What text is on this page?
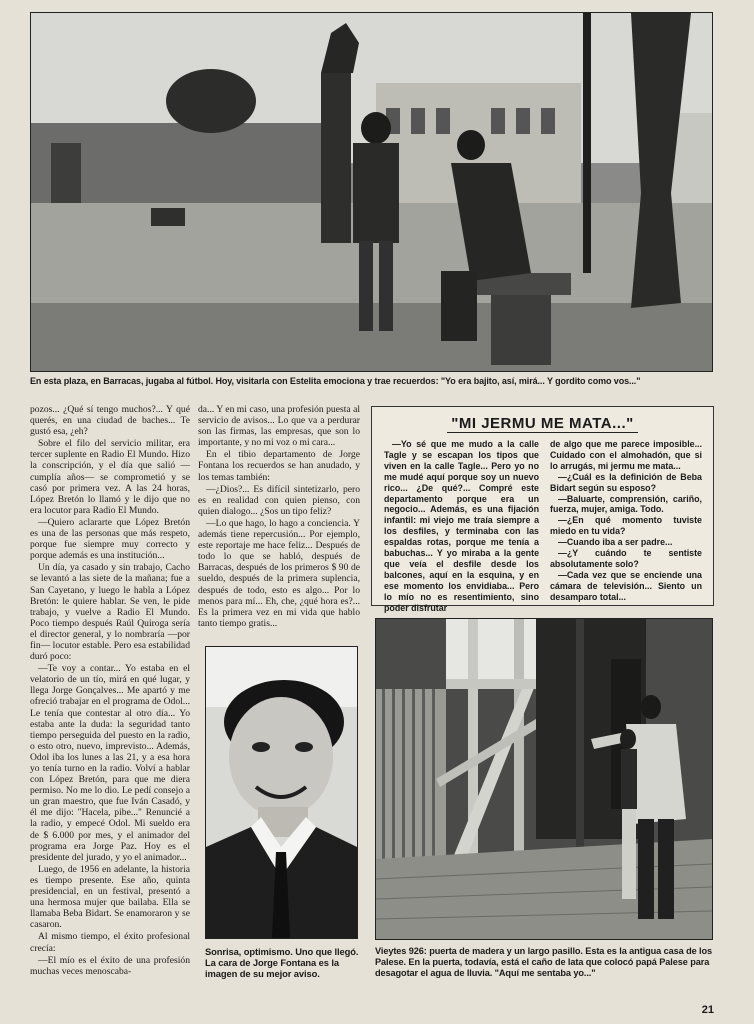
En esta plaza, en Barracas, jugaba al fútbol. Hoy, visitarla con Estelita emociona y trae recuerdos: "Yo era bajito, así, mirá... Y gordito como vos..."

pozos... ¿Qué sí tengo muchos?... Y qué querés, en una ciudad de baches... Te gustó esa, ¿eh?

Sobre el filo del servicio militar, era tercer suplente en Radio El Mundo. Hizo la conscripción, y el día que salió —cumplía años— se comprometió y se casó por primera vez. A las 24 horas, López Bretón lo llamó y le dijo que no era locutor para Radio El Mundo.

—Quiero aclararte que López Bretón es una de las personas que más respeto, porque fue siempre muy correcto y porque además es una institución...

Un día, ya casado y sin trabajo, Cacho se levantó a las siete de la mañana; fue a San Cayetano, y luego le habla a López Bretón: le quiere hablar. Se ven, le pide trabajo, y vuelve a Radio El Mundo. Poco tiempo después Raúl Quiroga sería el director general, y lo nombraría —por fin— locutor estable. Pero esa estabilidad duró poco:

—Te voy a contar... Yo estaba en el velatorio de un tío, mirá en qué lugar, y llega Jorge Gonçalves... Me apartó y me ofreció trabajar en el programa de Odol... Le tenía que contestar al otro día... Yo estaba ante la duda: la seguridad tanto tiempo perseguida del puesto en la radio, o esto otro, nuevo, imprevisto... Además, Odol iba los lunes a las 21, y a esa hora yo tenía turno en la radio. Volví a hablar con López Bretón, para que me diera permiso. No me lo dio. Le pedí consejo a un gran maestro, que fue Iván Casadó, y él me dijo: "Hacela, pibe..." Renuncié a la radio, y empecé Odol. Mi sueldo era de $ 6.000 por mes, y el animador del programa era Jorge Paz. Hoy es el presidente del jurado, y yo el animador...

Luego, de 1956 en adelante, la historia es tiempo presente. Ese año, quinta presidencial, en un festival, presentó a una hermosa mujer que bailaba. Ella se llamaba Beba Bidart. Se enamoraron y se casaron.

Al mismo tiempo, el éxito profesional crecía:

—El mío es el éxito de una profesión muchas veces menoscaba-

da... Y en mi caso, una profesión puesta al servicio de avisos... Lo que va a perdurar son las firmas, las empresas, que son lo importante, y no mi voz o mi cara...

En el tibio departamento de Jorge Fontana los recuerdos se han anudado, y los temas también:

—¿Dios?... Es difícil sintetizarlo, pero es en realidad con quien pienso, con quien dialogo... ¿Sos un tipo feliz?

—Lo que hago, lo hago a conciencia. Y además tiene repercusión... Por ejemplo, este reportaje me hace feliz... Después de todo lo que se habló, después de Barracas, después de los primeros $ 90 de sueldo, después de la primera suplencia, después de todo, esto es algo... Por lo menos para mí... Eh, che, ¿qué hora es?... Es la primera vez en mi vida que hablo tanto tiempo gratis...

Sonrisa, optimismo. Uno que llegó. La cara de Jorge Fontana es la imagen de su mejor aviso.
"MI JERMU ME MATA..."

—Yo sé que me mudo a la calle Tagle y se escapan los tipos que viven en la calle Tagle... Pero yo no me mudé aquí porque soy un nuevo rico... ¿De qué?... Compré este departamento porque era un negocio... Además, es una fijación infantil: mi viejo me traía siempre a los desfiles, y terminaba con las espaldas rotas, porque me tenía a babuchas... Y yo miraba a la gente que veía el desfile desde los balcones, aquí en la esquina, y en ese momento los envidiaba... Pero lo mío no es resentimiento, sino poder disfrutar

de algo que me parece imposible... Cuidado con el almohadón, que si lo arrugás, mi jermu me mata...

—¿Cuál es la definición de Beba Bidart según su esposo?

—Baluarte, comprensión, cariño, fuerza, mujer, amiga. Todo.

—¿En qué momento tuviste miedo en tu vida?

—Cuando iba a ser padre...

—¿Y cuándo te sentiste absolutamente solo?

—Cada vez que se enciende una cámara de televisión... Siento un desamparo total...

Vieytes 926: puerta de madera y un largo pasillo. Esta es la antigua casa de los Palese. En la puerta, todavía, está el caño de lata que colocó papá Palese para desagotar el agua de lluvia. "Aquí me sentaba yo..."
21
